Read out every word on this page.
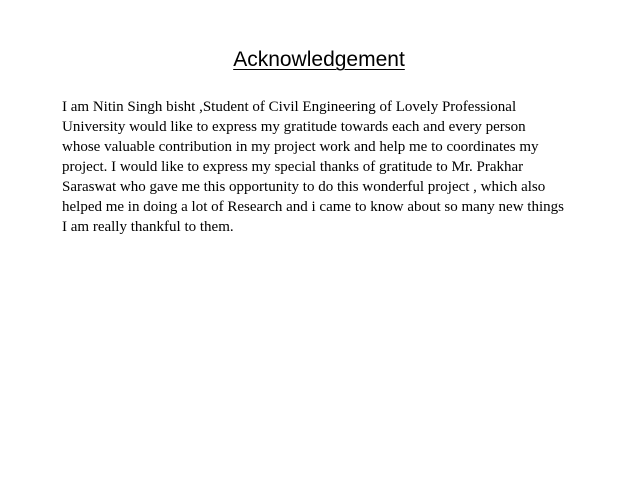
Acknowledgement

I am Nitin Singh bisht ,Student of Civil Engineering of Lovely Professional
University would like to express my gratitude towards each and every person
whose valuable contribution in my project work and help me to coordinates my
project. I would like to express my special thanks of gratitude to Mr. Prakhar
Saraswat who gave me this opportunity to do this wonderful project , which also
helped me in doing a lot of Research and i came to know about so many new things
I am really thankful to them.
